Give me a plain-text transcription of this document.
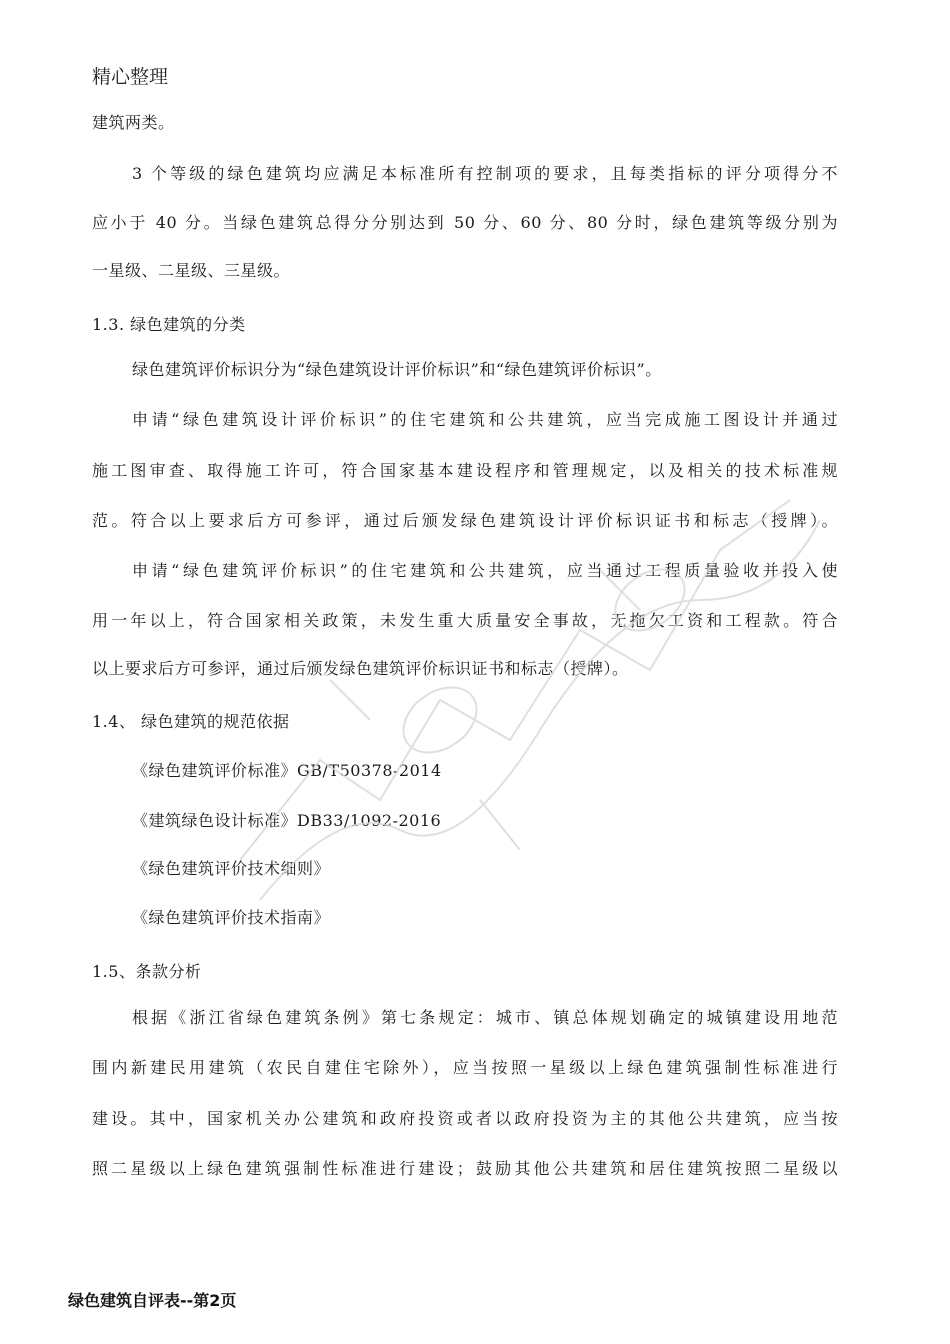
精心整理
建筑两类。
3 个等级的绿色建筑均应满足本标准所有控制项的要求，且每类指标的评分项得分不
应小于 40 分。当绿色建筑总得分分别达到 50 分、60 分、80 分时，绿色建筑等级分别为
一星级、二星级、三星级。
1.3. 绿色建筑的分类
绿色建筑评价标识分为“绿色建筑设计评价标识”和“绿色建筑评价标识”。
申请“绿色建筑设计评价标识”的住宅建筑和公共建筑，应当完成施工图设计并通过
施工图审查、取得施工许可，符合国家基本建设程序和管理规定，以及相关的技术标准规
范。符合以上要求后方可参评，通过后颁发绿色建筑设计评价标识证书和标志（授牌）。
申请“绿色建筑评价标识”的住宅建筑和公共建筑，应当通过工程质量验收并投入使
用一年以上，符合国家相关政策，未发生重大质量安全事故，无拖欠工资和工程款。符合
以上要求后方可参评，通过后颁发绿色建筑评价标识证书和标志（授牌）。
1.4、 绿色建筑的规范依据
《绿色建筑评价标准》GB/T50378-2014
《建筑绿色设计标准》DB33/1092-2016
《绿色建筑评价技术细则》
《绿色建筑评价技术指南》
1.5、条款分析
根据《浙江省绿色建筑条例》第七条规定：城市、镇总体规划确定的城镇建设用地范
围内新建民用建筑（农民自建住宅除外），应当按照一星级以上绿色建筑强制性标准进行
建设。其中，国家机关办公建筑和政府投资或者以政府投资为主的其他公共建筑，应当按
照二星级以上绿色建筑强制性标准进行建设；鼓励其他公共建筑和居住建筑按照二星级以
绿色建筑自评表--第2页
